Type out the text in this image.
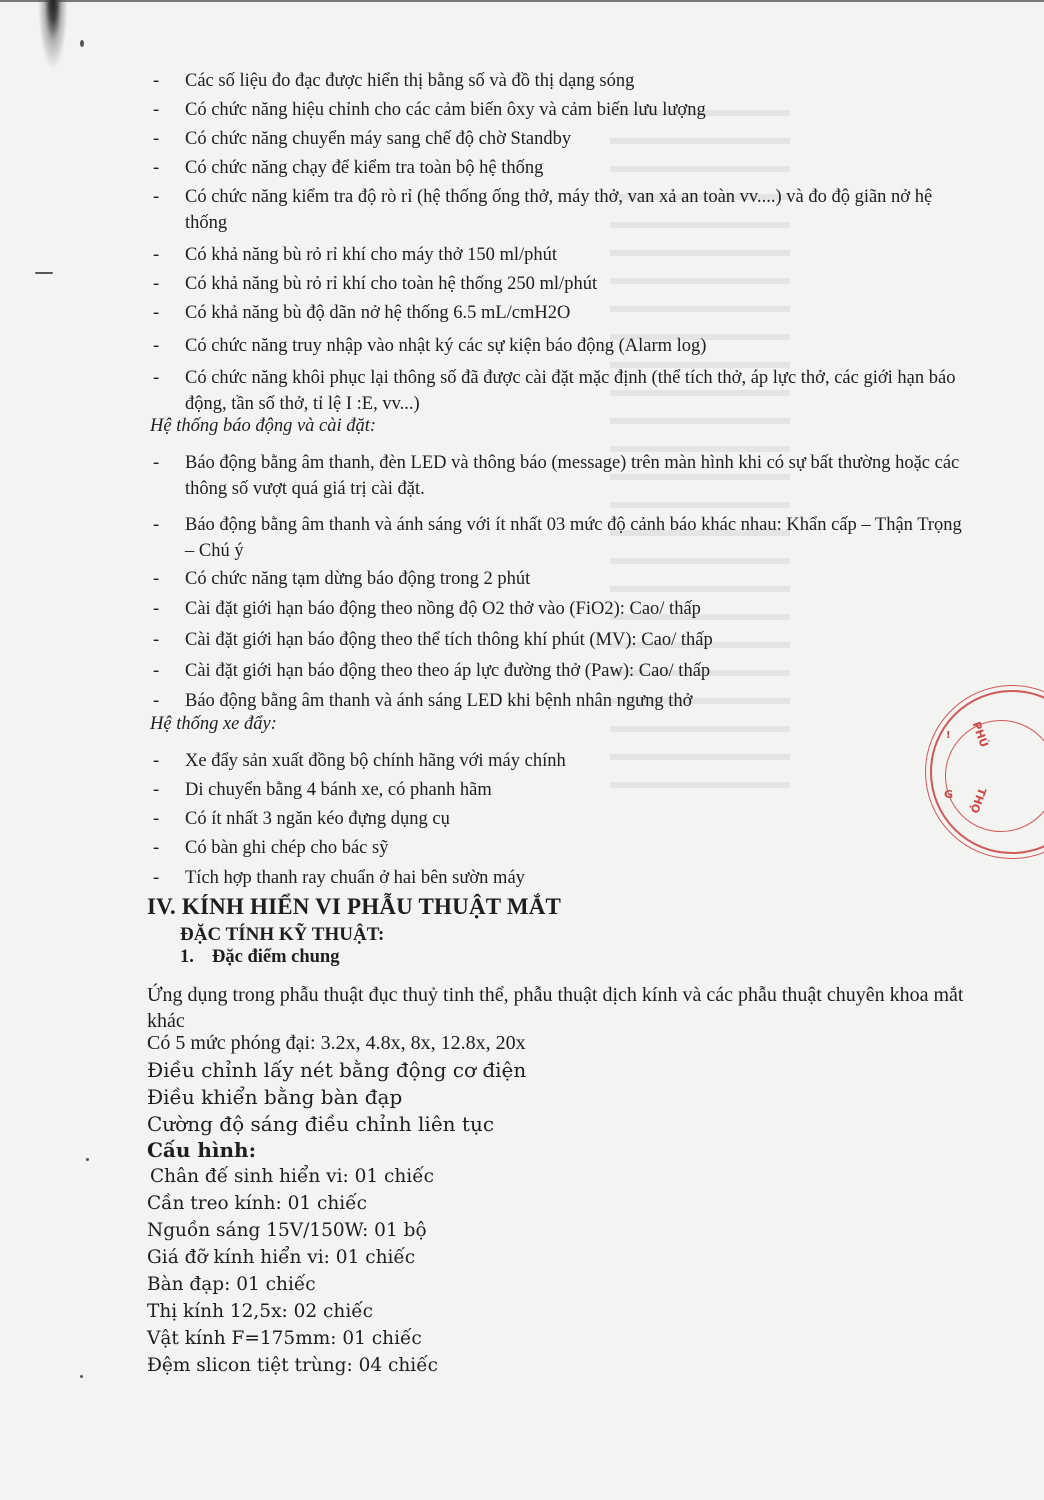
- Các số liệu đo đạc được hiển thị bằng số và đồ thị dạng sóng
- Có chức năng hiệu chỉnh cho các cảm biến ôxy và cảm biến lưu lượng
- Có chức năng chuyển máy sang chế độ chờ Standby
- Có chức năng chạy để kiểm tra toàn bộ hệ thống
- Có chức năng kiểm tra độ rò rỉ (hệ thống ống thở, máy thở, van xả an toàn vv....) và đo độ giãn nở hệ thống
- Có khả năng bù rỏ rỉ khí cho máy thở 150 ml/phút
- Có khả năng bù rỏ rỉ khí cho toàn hệ thống 250 ml/phút
- Có khả năng bù độ dãn nở hệ thống 6.5 mL/cmH2O
- Có chức năng truy nhập vào nhật ký các sự kiện báo động (Alarm log)
- Có chức năng khôi phục lại thông số đã được cài đặt mặc định (thể tích thở, áp lực thở, các giới hạn báo động, tần số thở, tỉ lệ I :E, vv...)
Hệ thống báo động và cài đặt:
- Báo động bằng âm thanh, đèn LED và thông báo (message) trên màn hình khi có sự bất thường hoặc các thông số vượt quá giá trị cài đặt.
- Báo động bằng âm thanh và ánh sáng với ít nhất 03 mức độ cảnh báo khác nhau: Khẩn cấp – Thận Trọng – Chú ý
- Có chức năng tạm dừng báo động trong 2 phút
- Cài đặt giới hạn báo động theo nồng độ O2 thở vào (FiO2): Cao/ thấp
- Cài đặt giới hạn báo động theo thể tích thông khí phút (MV): Cao/ thấp
- Cài đặt giới hạn báo động theo theo áp lực đường thở (Paw): Cao/ thấp
- Báo động bằng âm thanh và ánh sáng LED khi bệnh nhân ngưng thở
Hệ thống xe đẩy:
- Xe đẩy sản xuất đồng bộ chính hãng với máy chính
- Di chuyển bằng 4 bánh xe, có phanh hãm
- Có ít nhất 3 ngăn kéo đựng dụng cụ
- Có bàn ghi chép cho bác sỹ
- Tích hợp thanh ray chuẩn ở hai bên sườn máy
IV. KÍNH HIỂN VI PHẪU THUẬT MẮT
ĐẶC TÍNH KỸ THUẬT:
1. Đặc điểm chung
Ứng dụng trong phẫu thuật đục thuỷ tinh thể, phẫu thuật dịch kính và các phẫu thuật chuyên khoa mắt khác
Có 5 mức phóng đại: 3.2x, 4.8x, 8x, 12.8x, 20x
Điều chỉnh lấy nét bằng động cơ điện
Điều khiển bằng bàn đạp
Cường độ sáng điều chỉnh liên tục
Cấu hình:
Chân đế sinh hiển vi: 01 chiếc
Cần treo kính: 01 chiếc
Nguồn sáng 15V/150W: 01 bộ
Giá đỡ kính hiển vi: 01 chiếc
Bàn đạp: 01 chiếc
Thị kính 12,5x: 02 chiếc
Vật kính F=175mm: 01 chiếc
Đệm slicon tiệt trùng: 04 chiếc
PHÚ
THỌ
G
!
